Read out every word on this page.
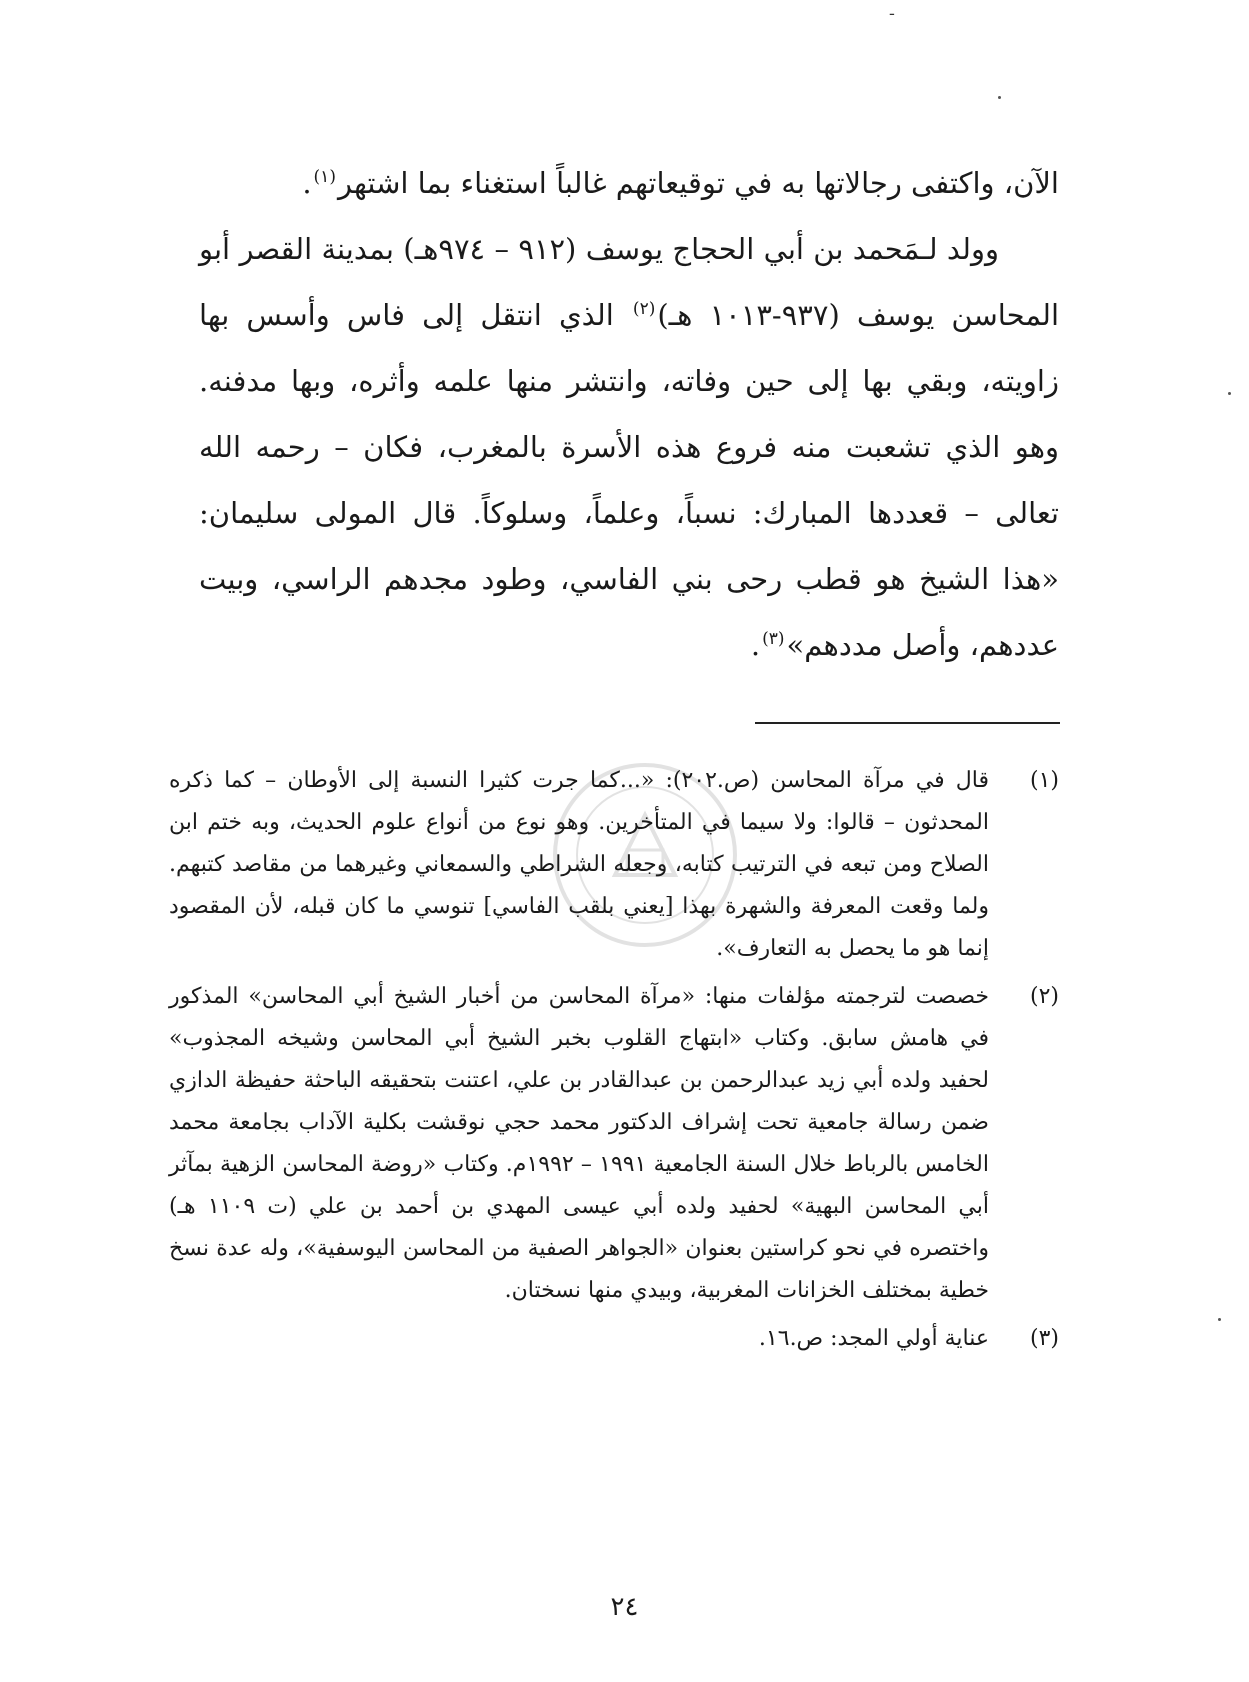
ـ

الآن، واكتفى رجالاتها به في توقيعاتهم غالباً استغناء بما اشتهر$^{(١)}$.

وولد لـمَحمد بن أبي الحجاج يوسف (٩١٢ – ٩٧٤هـ) بمدينة القصر أبو المحاسن يوسف (٩٣٧-١٠١٣ هـ)$^{(٢)}$ الذي انتقل إلى فاس وأسس بها زاويته، وبقي بها إلى حين وفاته، وانتشر منها علمه وأثره، وبها مدفنه. وهو الذي تشعبت منه فروع هذه الأسرة بالمغرب، فكان – رحمه الله تعالى – قعددها المبارك: نسباً، وعلماً، وسلوكاً. قال المولى سليمان: «هذا الشيخ هو قطب رحى بني الفاسي، وطود مجدهم الراسي، وبيت عددهم، وأصل مددهم»$^{(٣)}$.

(١)
قال في مرآة المحاسن (ص.٢٠٢): «...كما جرت كثيرا النسبة إلى الأوطان – كما ذكره المحدثون – قالوا: ولا سيما في المتأخرين. وهو نوع من أنواع علوم الحديث، وبه ختم ابن الصلاح ومن تبعه في الترتيب كتابه، وجعله الشراطي والسمعاني وغيرهما من مقاصد كتبهم. ولما وقعت المعرفة والشهرة بهذا [يعني بلقب الفاسي] تنوسي ما كان قبله، لأن المقصود إنما هو ما يحصل به التعارف».
(٢)
خصصت لترجمته مؤلفات منها: «مرآة المحاسن من أخبار الشيخ أبي المحاسن» المذكور في هامش سابق. وكتاب «ابتهاج القلوب بخبر الشيخ أبي المحاسن وشيخه المجذوب» لحفيد ولده أبي زيد عبدالرحمن بن عبدالقادر بن علي، اعتنت بتحقيقه الباحثة حفيظة الدازي ضمن رسالة جامعية تحت إشراف الدكتور محمد حجي نوقشت بكلية الآداب بجامعة محمد الخامس بالرباط خلال السنة الجامعية ١٩٩١ – ١٩٩٢م. وكتاب «روضة المحاسن الزهية بمآثر أبي المحاسن البهية» لحفيد ولده أبي عيسى المهدي بن أحمد بن علي (ت ١١٠٩ هـ) واختصره في نحو كراستين بعنوان «الجواهر الصفية من المحاسن اليوسفية»، وله عدة نسخ خطية بمختلف الخزانات المغربية، وبيدي منها نسختان.
(٣)
عناية أولي المجد: ص.١٦.
٢٤
